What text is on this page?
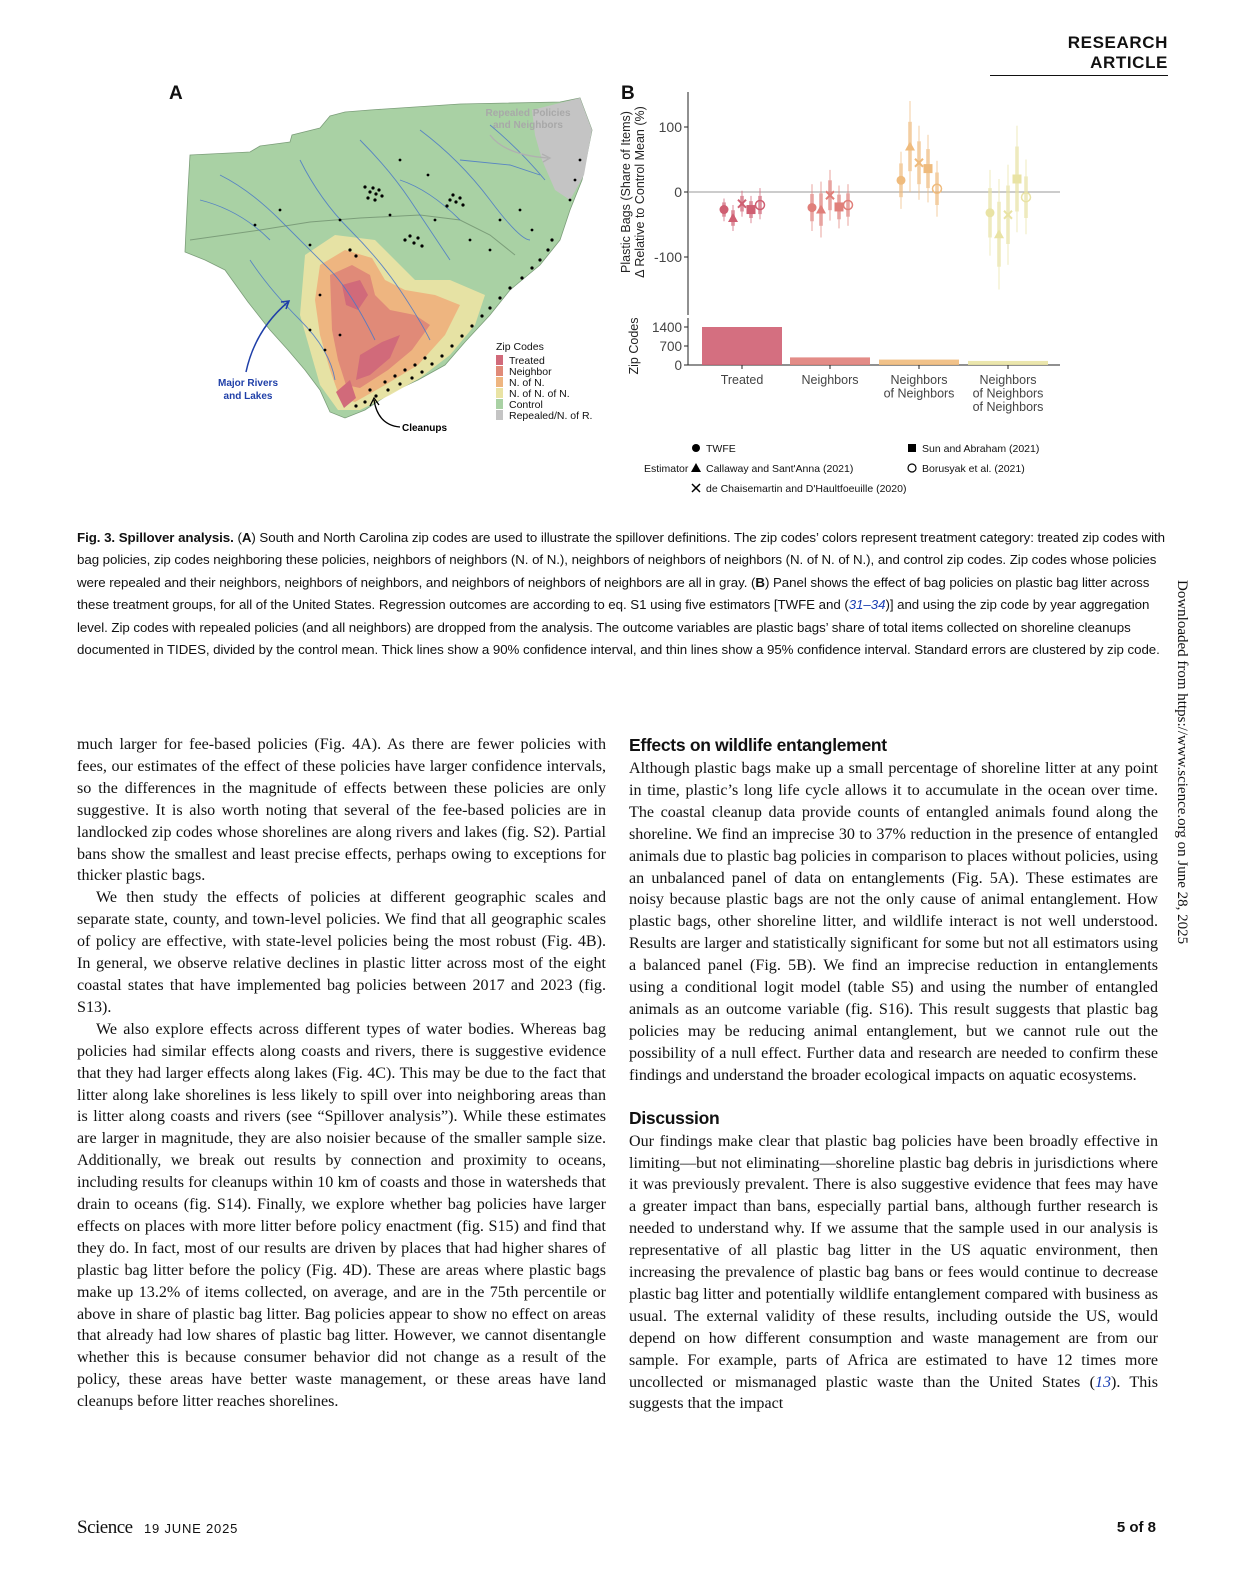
RESEARCH ARTICLE
A
Repealed Policies
and Neighbors
Major Rivers
and Lakes
Cleanups
Zip Codes
Treated
Neighbor
N. of N.
N. of N. of N.
Control
Repealed/N. of R.
B
Plastic Bags (Share of Items) Δ Relative to Control Mean (%)
Zip Codes
100
0
-100
1400
700
0
Treated	Neighbors	Neighbors
of Neighbors
Neighbors
of Neighbors
of Neighbors
Estimator
TWFE
Callaway and Sant'Anna (2021)
de Chaisemartin and D'Haultfoeuille (2020)
Sun and Abraham (2021)
Borusyak et al. (2021)
Fig. 3. Spillover analysis. (A) South and North Carolina zip codes are used to illustrate the spillover definitions. The zip codes’ colors represent treatment category: treated zip codes with bag policies, zip codes neighboring these policies, neighbors of neighbors (N. of N.), neighbors of neighbors of neighbors (N. of N. of N.), and control zip codes. Zip codes whose policies were repealed and their neighbors, neighbors of neighbors, and neighbors of neighbors of neighbors are all in gray. (B) Panel shows the effect of bag policies on plastic bag litter across these treatment groups, for all of the United States. Regression outcomes are according to eq. S1 using five estimators [TWFE and (31–34)] and using the zip code by year aggregation level. Zip codes with repealed policies (and all neighbors) are dropped from the analysis. The outcome variables are plastic bags’ share of total items collected on shoreline cleanups documented in TIDES, divided by the control mean. Thick lines show a 90% confidence interval, and thin lines show a 95% confidence interval. Standard errors are clustered by zip code.

much larger for fee-based policies (Fig. 4A). As there are fewer policies with fees, our estimates of the effect of these policies have larger confidence intervals, so the differences in the magnitude of effects between these policies are only suggestive. It is also worth noting that several of the fee-based policies are in landlocked zip codes whose shorelines are along rivers and lakes (fig. S2). Partial bans show the smallest and least precise effects, perhaps owing to exceptions for thicker plastic bags.

We then study the effects of policies at different geographic scales and separate state, county, and town-level policies. We find that all geographic scales of policy are effective, with state-level policies being the most robust (Fig. 4B). In general, we observe relative declines in plastic litter across most of the eight coastal states that have implemented bag policies between 2017 and 2023 (fig. S13).

We also explore effects across different types of water bodies. Whereas bag policies had similar effects along coasts and rivers, there is suggestive evidence that they had larger effects along lakes (Fig. 4C). This may be due to the fact that litter along lake shorelines is less likely to spill over into neighboring areas than is litter along coasts and rivers (see “Spillover analysis”). While these estimates are larger in magnitude, they are also noisier because of the smaller sample size. Additionally, we break out results by connection and proximity to oceans, including results for cleanups within 10 km of coasts and those in watersheds that drain to oceans (fig. S14). Finally, we explore whether bag policies have larger effects on places with more litter before policy enactment (fig. S15) and find that they do. In fact, most of our results are driven by places that had higher shares of plastic bag litter before the policy (Fig. 4D). These are areas where plastic bags make up 13.2% of items collected, on average, and are in the 75th percentile or above in share of plastic bag litter. Bag policies appear to show no effect on areas that already had low shares of plastic bag litter. However, we cannot disentangle whether this is because consumer behavior did not change as a result of the policy, these areas have better waste management, or these areas have land cleanups before litter reaches shorelines.

Effects on wildlife entanglement

Although plastic bags make up a small percentage of shoreline litter at any point in time, plastic’s long life cycle allows it to accumulate in the ocean over time. The coastal cleanup data provide counts of entangled animals found along the shoreline. We find an imprecise 30 to 37% reduction in the presence of entangled animals due to plastic bag policies in comparison to places without policies, using an unbalanced panel of data on entanglements (Fig. 5A). These estimates are noisy because plastic bags are not the only cause of animal entanglement. How plastic bags, other shoreline litter, and wildlife interact is not well understood. Results are larger and statistically significant for some but not all estimators using a balanced panel (Fig. 5B). We find an imprecise reduction in entanglements using a conditional logit model (table S5) and using the number of entangled animals as an outcome variable (fig. S16). This result suggests that plastic bag policies may be reducing animal entanglement, but we cannot rule out the possibility of a null effect. Further data and research are needed to confirm these findings and understand the broader ecological impacts on aquatic ecosystems.

Discussion

Our findings make clear that plastic bag policies have been broadly effective in limiting—but not eliminating—shoreline plastic bag debris in jurisdictions where it was previously prevalent. There is also suggestive evidence that fees may have a greater impact than bans, especially partial bans, although further research is needed to understand why. If we assume that the sample used in our analysis is representative of all plastic bag litter in the US aquatic environment, then increasing the prevalence of plastic bag bans or fees would continue to decrease plastic bag litter and potentially wildlife entanglement compared with business as usual. The external validity of these results, including outside the US, would depend on how different consumption and waste management are from our sample. For example, parts of Africa are estimated to have 12 times more uncollected or mismanaged plastic waste than the United States (13). This suggests that the impact

Downloaded from https://www.science.org on June 28, 2025
Science 19 JUNE 2025	5 of 8
